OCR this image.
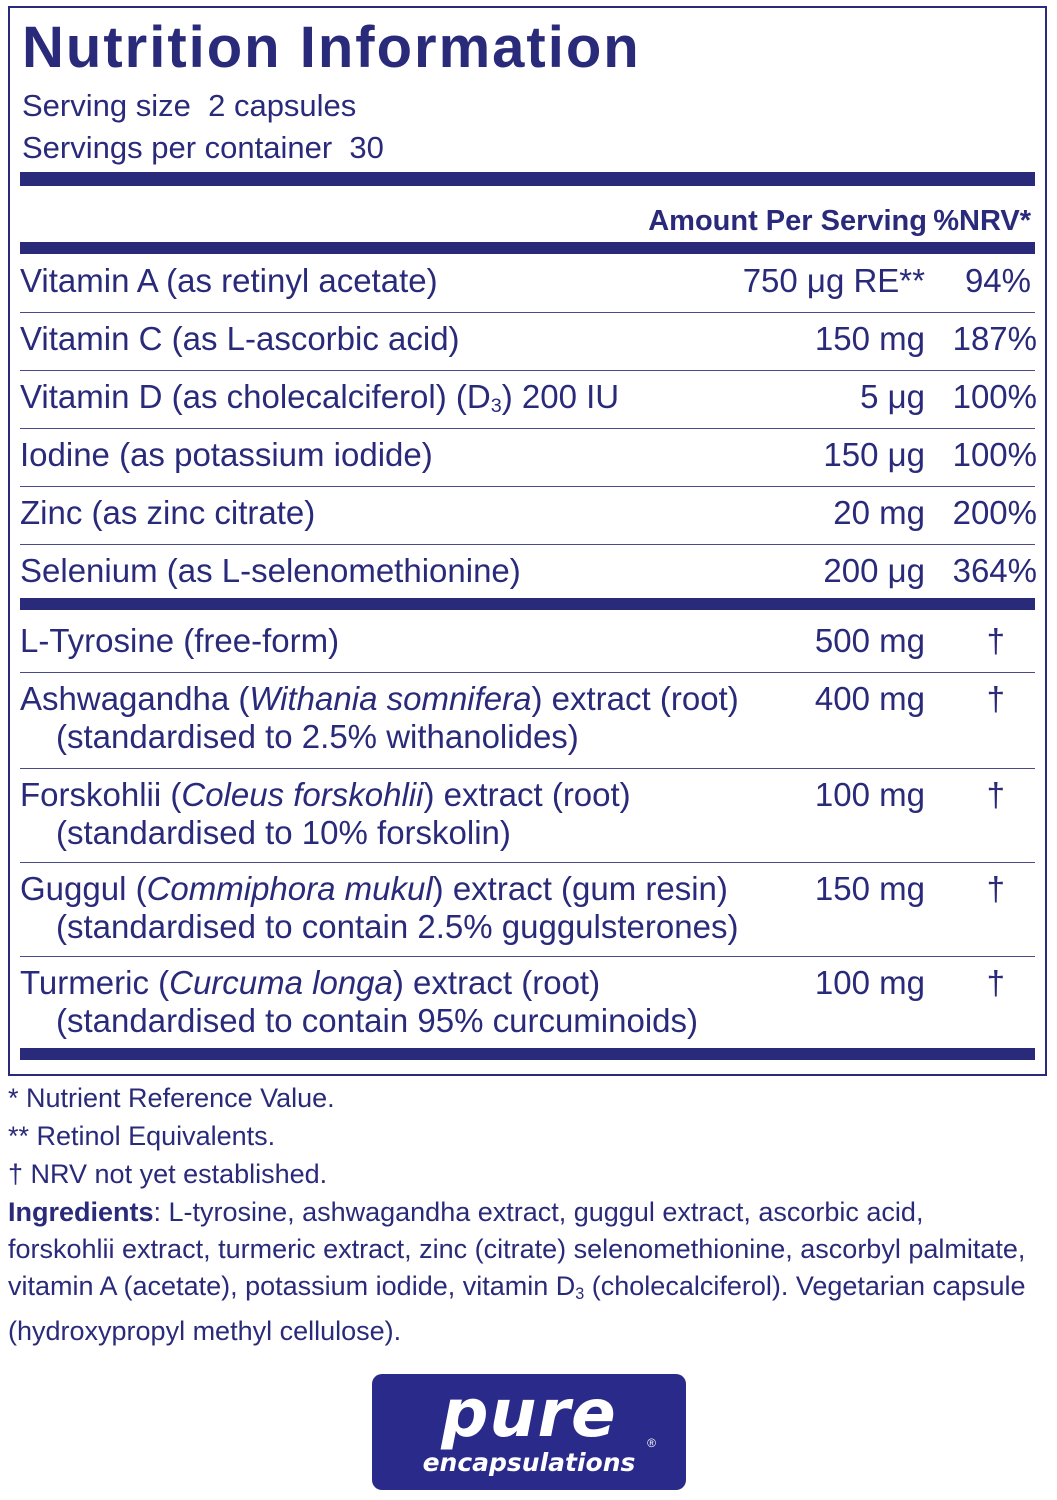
Nutrition Information
Serving size 2 capsules
Servings per container 30
Amount Per Serving %NRV*
Vitamin A (as retinyl acetate)	750 μg RE** 94%
Vitamin C (as L-ascorbic acid)	150 mg 187%
Vitamin D (as cholecalciferol) $(D_3)$ 200 IU	5 μg 100%
Iodine (as potassium iodide)	150 μg 100%
Zinc (as zinc citrate)	20 mg 200%
Selenium (as L-selenomethionine)	200 μg 364%
L-Tyrosine (free-form)	500 mg †
Ashwagandha (Withania somnifera) extract (root) 400 mg †
(standardised to 2.5% withanolides)
Forskohlii (Coleus forskohlii) extract (root)	100 mg †
(standardised to 10% forskolin)
Guggul (Commiphora mukul) extract (gum resin)	150 mg †
(standardised to contain 2.5% guggulsterones)
Turmeric (Curcuma longa) extract (root)	100 mg †
(standardised to contain 95% curcuminoids)
* Nutrient Reference Value.
** Retinol Equivalents.
† NRV not yet established.
Ingredients: L-tyrosine, ashwagandha extract, guggul extract, ascorbic acid, forskohlii extract, turmeric extract, zinc (citrate) selenomethionine, ascorbyl palmitate, vitamin A (acetate), potassium iodide, vitamin $D_3$ (cholecalciferol). Vegetarian capsule (hydroxypropyl methyl cellulose).
pure	®
encapsulations
